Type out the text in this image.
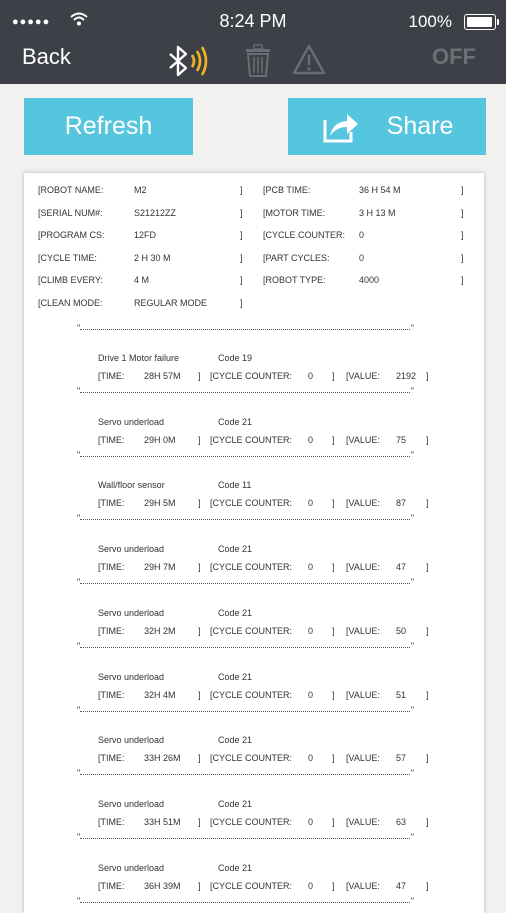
●●●●●	8:24 PM	100%
Back	OFF
Refresh	Share
[ROBOT NAME:	M2	] [PCB TIME:	36 H 54 M	]
[SERIAL NUM#:	S21212ZZ	] [MOTOR TIME:	3 H 13 M	]
[PROGRAM CS:	12FD	] [CYCLE COUNTER: 0	]
[CYCLE TIME:	2 H 30 M	] [PART CYCLES:	0	]
[CLIMB EVERY:	4 M	] [ROBOT TYPE:	4000	]
[CLEAN MODE:	REGULAR MODE	]
" "
Drive 1 Motor failure	Code 19
[TIME: 28H 57M ] [CYCLE COUNTER: 0 ] [VALUE: 2192 ]
" "
Servo underload	Code 21
[TIME: 29H 0M ] [CYCLE COUNTER: 0 ] [VALUE: 75 ]
" "
Wall/floor sensor	Code 11
[TIME: 29H 5M ] [CYCLE COUNTER: 0 ] [VALUE: 87 ]
" "
Servo underload	Code 21
[TIME: 29H 7M ] [CYCLE COUNTER: 0 ] [VALUE: 47 ]
" "
Servo underload	Code 21
[TIME: 32H 2M ] [CYCLE COUNTER: 0 ] [VALUE: 50 ]
" "
Servo underload	Code 21
[TIME: 32H 4M ] [CYCLE COUNTER: 0 ] [VALUE: 51 ]
" "
Servo underload	Code 21
[TIME: 33H 26M ] [CYCLE COUNTER: 0 ] [VALUE: 57 ]
" "
Servo underload	Code 21
[TIME: 33H 51M ] [CYCLE COUNTER: 0 ] [VALUE: 63 ]
" "
Servo underload	Code 21
[TIME: 36H 39M ] [CYCLE COUNTER: 0 ] [VALUE: 47 ]
" "
